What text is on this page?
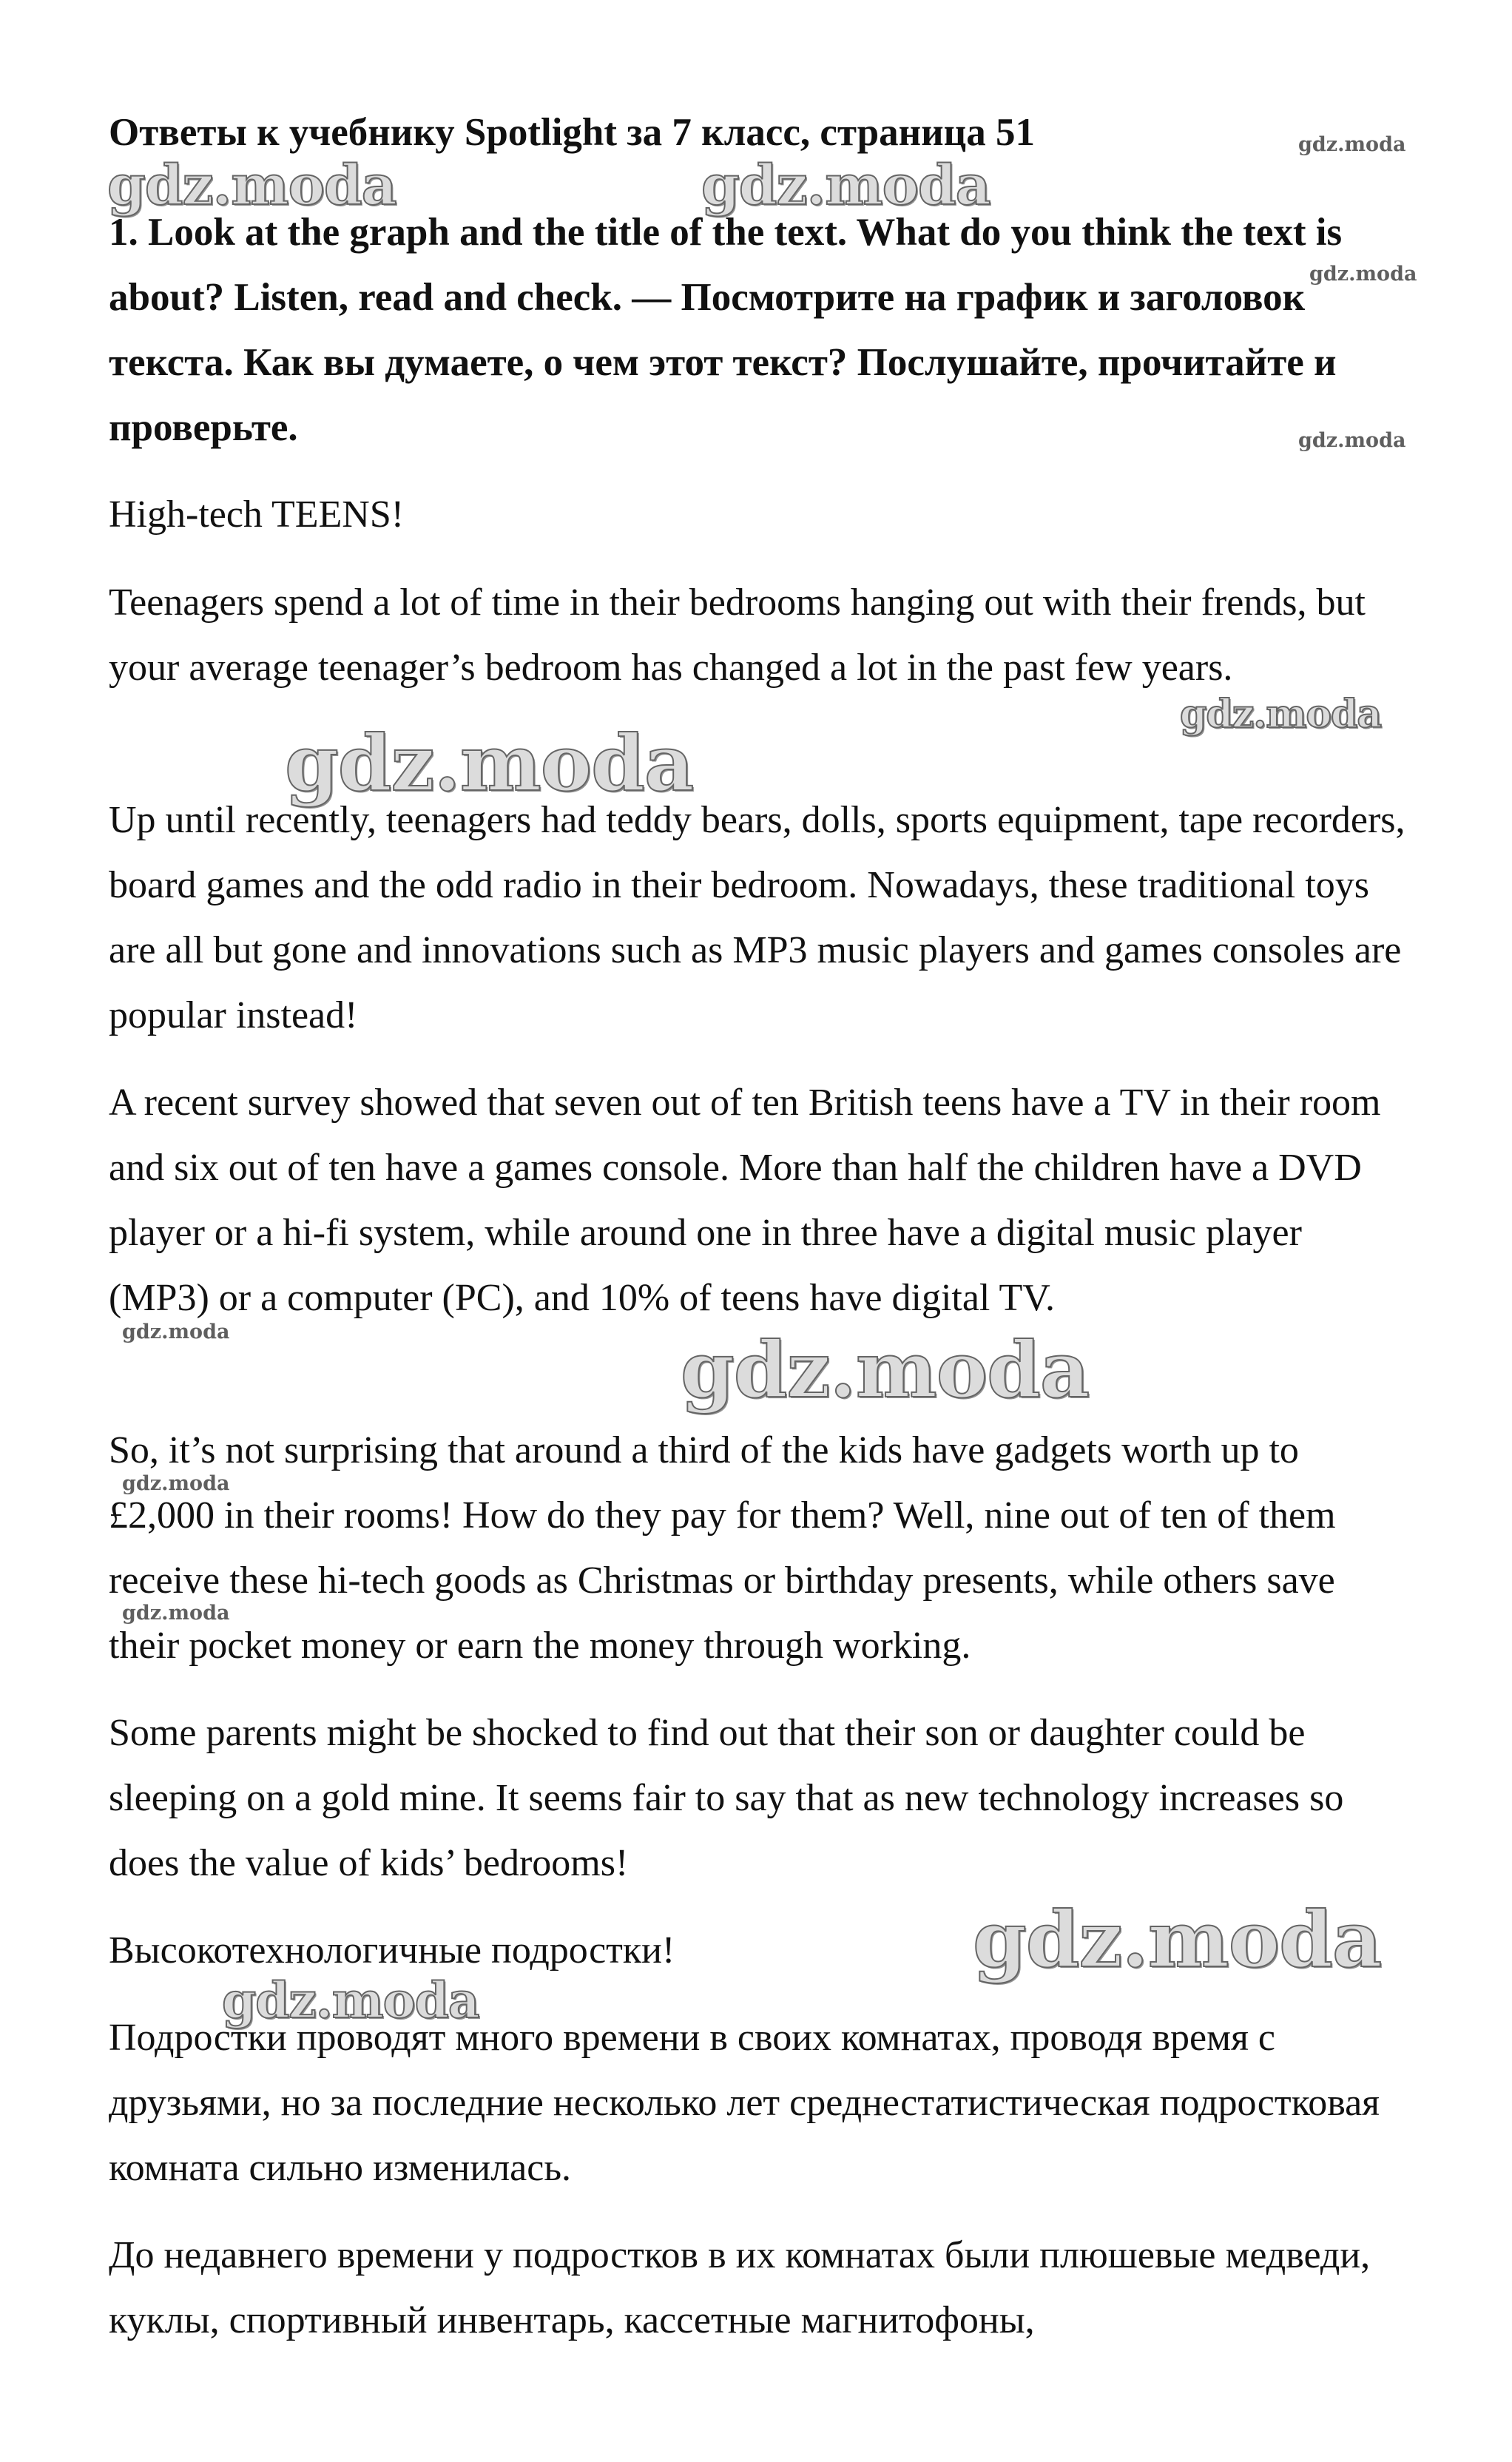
Ответы к учебнику Spotlight за 7 класс, страница 51

1. Look at the graph and the title of the text. What do you think the text is about? Listen, read and check. — Посмотрите на график и заголовок текста. Как вы думаете, о чем этот текст? Послушайте, прочитайте и проверьте.

High-tech TEENS!

Teenagers spend a lot of time in their bedrooms hanging out with their frends, but your average teenager’s bedroom has changed a lot in the past few years.

Up until recently, teenagers had teddy bears, dolls, sports equipment, tape recorders, board games and the odd radio in their bedroom. Nowadays, these traditional toys are all but gone and innovations such as MP3 music players and games consoles are popular instead!

A recent survey showed that seven out of ten British teens have a TV in their room and six out of ten have a games console. More than half the children have a DVD player or a hi-fi system, while around one in three have a digital music player (MP3) or a computer (PC), and 10% of teens have digital TV.

So, it’s not surprising that around a third of the kids have gadgets worth up to £2,000 in their rooms! How do they pay for them? Well, nine out of ten of them receive these hi-tech goods as Christmas or birthday presents, while others save their pocket money or earn the money through working.

Some parents might be shocked to find out that their son or daughter could be sleeping on a gold mine. It seems fair to say that as new technology increases so does the value of kids’ bedrooms!

Высокотехнологичные подростки!

Подростки проводят много времени в своих комнатах, проводя время с друзьями, но за последние несколько лет среднестатистическая подростковая комната сильно изменилась.

До недавнего времени у подростков в их комнатах были плюшевые медведи, куклы, спортивный инвентарь, кассетные магнитофоны,

gdz.moda	gdz.moda
gdz.moda
gdz.moda
gdz.moda
gdz.moda
gdz.moda
gdz.moda
gdz.moda
gdz.moda
gdz.moda
gdz.moda
gdz.moda
